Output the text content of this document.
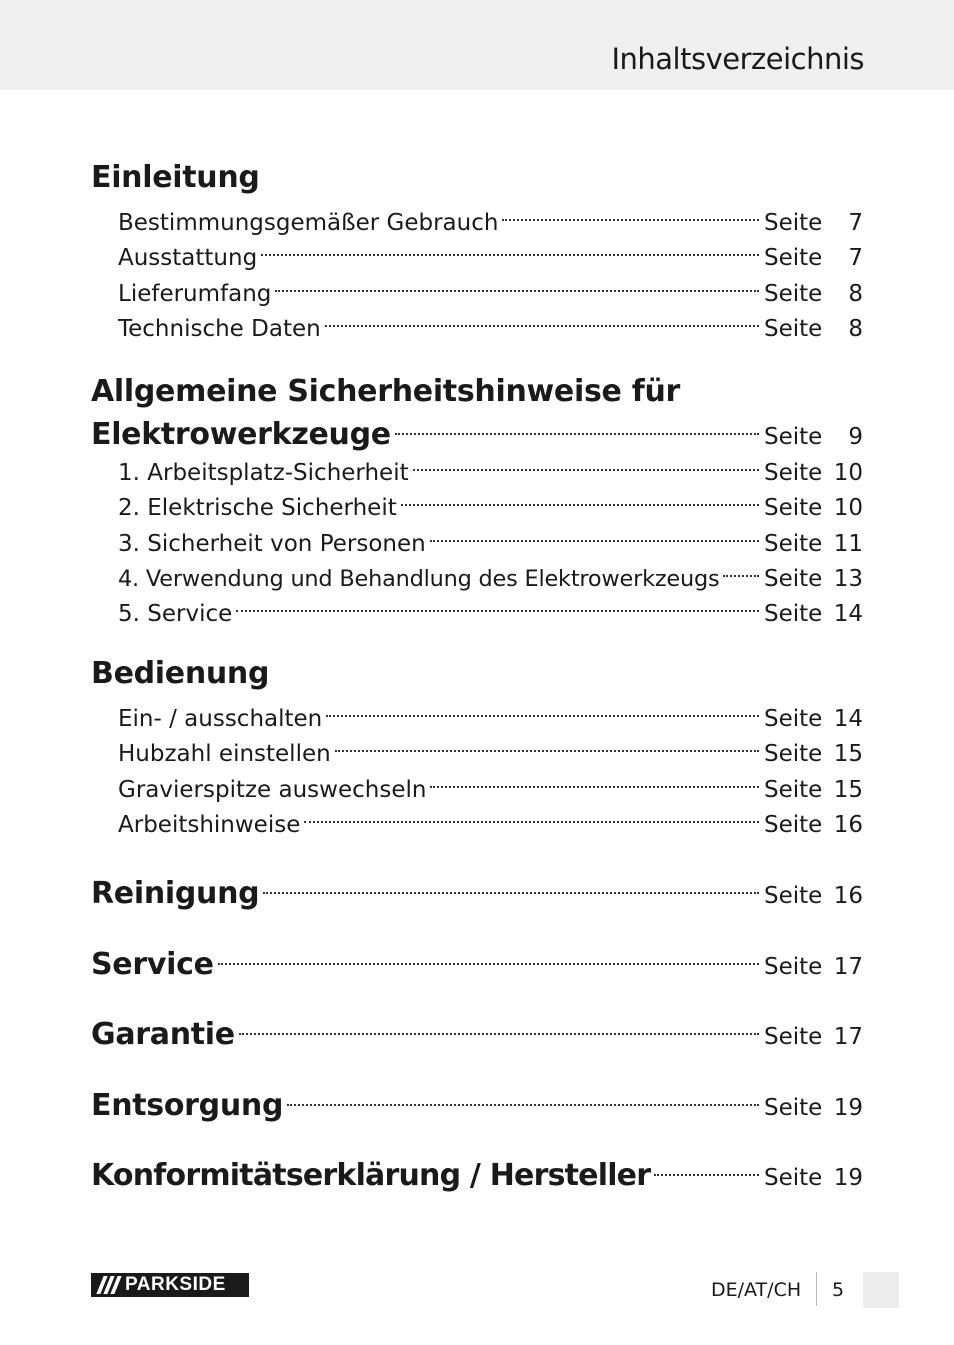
Inhaltsverzeichnis
Einleitung
Bestimmungsgemäßer Gebrauch	Seite	7
Ausstattung	Seite	7
Lieferumfang	Seite	8
Technische Daten	Seite	8
Allgemeine Sicherheitshinweise für
Elektrowerkzeuge	Seite	9
1. Arbeitsplatz-Sicherheit	Seite 10
2. Elektrische Sicherheit	Seite 10
3. Sicherheit von Personen	Seite 11
4. Verwendung und Behandlung des Elektrowerkzeugs Seite 13
5. Service	Seite 14
Bedienung
Ein- / ausschalten	Seite 14
Hubzahl einstellen	Seite 15
Gravierspitze auswechseln	Seite 15
Arbeitshinweise	Seite 16
Reinigung	Seite 16
Service	Seite 17
Garantie	Seite 17
Entsorgung	Seite 19
Konformitätserklärung / Hersteller	Seite 19
PARKSIDE	DE/AT/CH 5
